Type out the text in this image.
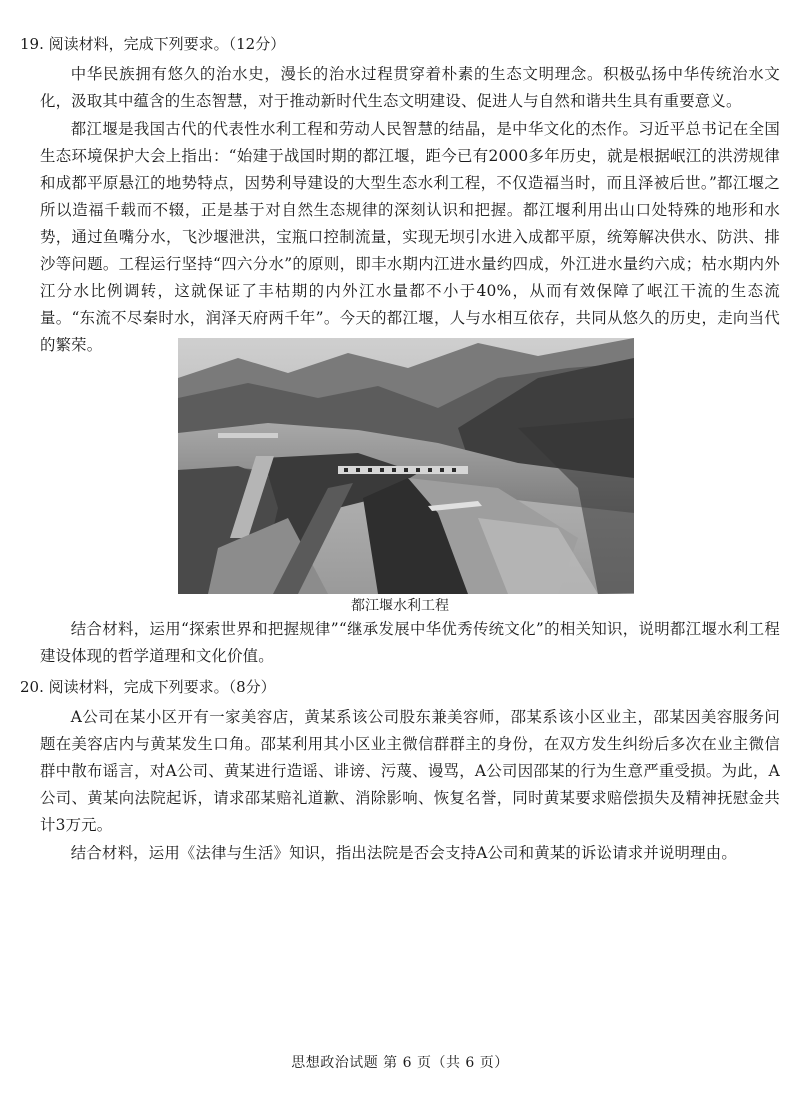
19. 阅读材料，完成下列要求。（12分）

中华民族拥有悠久的治水史，漫长的治水过程贯穿着朴素的生态文明理念。积极弘扬中华传统治水文化，汲取其中蕴含的生态智慧，对于推动新时代生态文明建设、促进人与自然和谐共生具有重要意义。

都江堰是我国古代的代表性水利工程和劳动人民智慧的结晶，是中华文化的杰作。习近平总书记在全国生态环境保护大会上指出：“始建于战国时期的都江堰，距今已有2000多年历史，就是根据岷江的洪涝规律和成都平原悬江的地势特点，因势利导建设的大型生态水利工程，不仅造福当时，而且泽被后世。”都江堰之所以造福千载而不辍，正是基于对自然生态规律的深刻认识和把握。都江堰利用出山口处特殊的地形和水势，通过鱼嘴分水，飞沙堰泄洪，宝瓶口控制流量，实现无坝引水进入成都平原，统筹解决供水、防洪、排沙等问题。工程运行坚持“四六分水”的原则，即丰水期内江进水量约四成，外江进水量约六成；枯水期内外江分水比例调转，这就保证了丰枯期的内外江水量都不小于40%，从而有效保障了岷江干流的生态流量。“东流不尽秦时水，润泽天府两千年”。今天的都江堰，人与水相互依存，共同从悠久的历史，走向当代的繁荣。

都江堰水利工程

结合材料，运用“探索世界和把握规律”“继承发展中华优秀传统文化”的相关知识，说明都江堰水利工程建设体现的哲学道理和文化价值。

20. 阅读材料，完成下列要求。（8分）

A公司在某小区开有一家美容店，黄某系该公司股东兼美容师，邵某系该小区业主，邵某因美容服务问题在美容店内与黄某发生口角。邵某利用其小区业主微信群群主的身份，在双方发生纠纷后多次在业主微信群中散布谣言，对A公司、黄某进行造谣、诽谤、污蔑、谩骂，A公司因邵某的行为生意严重受损。为此，A公司、黄某向法院起诉，请求邵某赔礼道歉、消除影响、恢复名誉，同时黄某要求赔偿损失及精神抚慰金共计3万元。

结合材料，运用《法律与生活》知识，指出法院是否会支持A公司和黄某的诉讼请求并说明理由。

思想政治试题 第 6 页（共 6 页）
